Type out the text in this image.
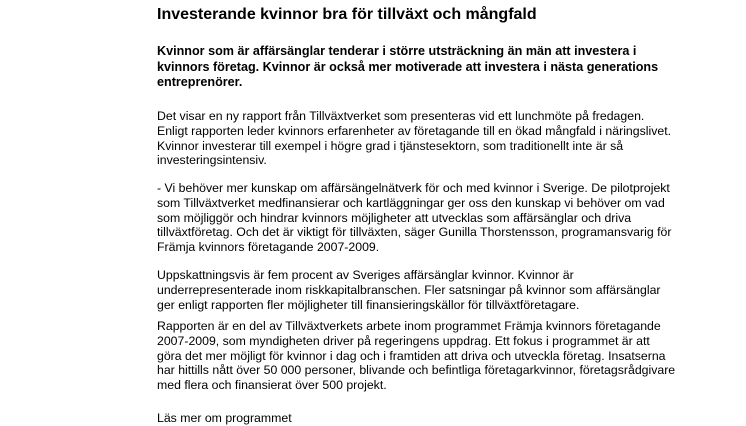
Investerande kvinnor bra för tillväxt och mångfald

Kvinnor som är affärsänglar tenderar i större utsträckning än män att investera i kvinnors företag. Kvinnor är också mer motiverade att investera i nästa generations entreprenörer.

Det visar en ny rapport från Tillväxtverket som presenteras vid ett lunchmöte på fredagen. Enligt rapporten leder kvinnors erfarenheter av företagande till en ökad mångfald i näringslivet. Kvinnor investerar till exempel i högre grad i tjänstesektorn, som traditionellt inte är så investeringsintensiv.

- Vi behöver mer kunskap om affärsängelnätverk för och med kvinnor i Sverige. De pilotprojekt som Tillväxtverket medfinansierar och kartläggningar ger oss den kunskap vi behöver om vad som möjliggör och hindrar kvinnors möjligheter att utvecklas som affärsänglar och driva tillväxtföretag. Och det är viktigt för tillväxten, säger Gunilla Thorstensson, programansvarig för Främja kvinnors företagande 2007-2009.

Uppskattningsvis är fem procent av Sveriges affärsänglar kvinnor. Kvinnor är underrepresenterade inom riskkapitalbranschen. Fler satsningar på kvinnor som affärsänglar ger enligt rapporten fler möjligheter till finansieringskällor för tillväxtföretagare.

Rapporten är en del av Tillväxtverkets arbete inom programmet Främja kvinnors företagande 2007-2009, som myndigheten driver på regeringens uppdrag. Ett fokus i programmet är att göra det mer möjligt för kvinnor i dag och i framtiden att driva och utveckla företag. Insatserna har hittills nått över 50 000 personer, blivande och befintliga företagarkvinnor, företagsrådgivare med flera och finansierat över 500 projekt.

Läs mer om programmet
